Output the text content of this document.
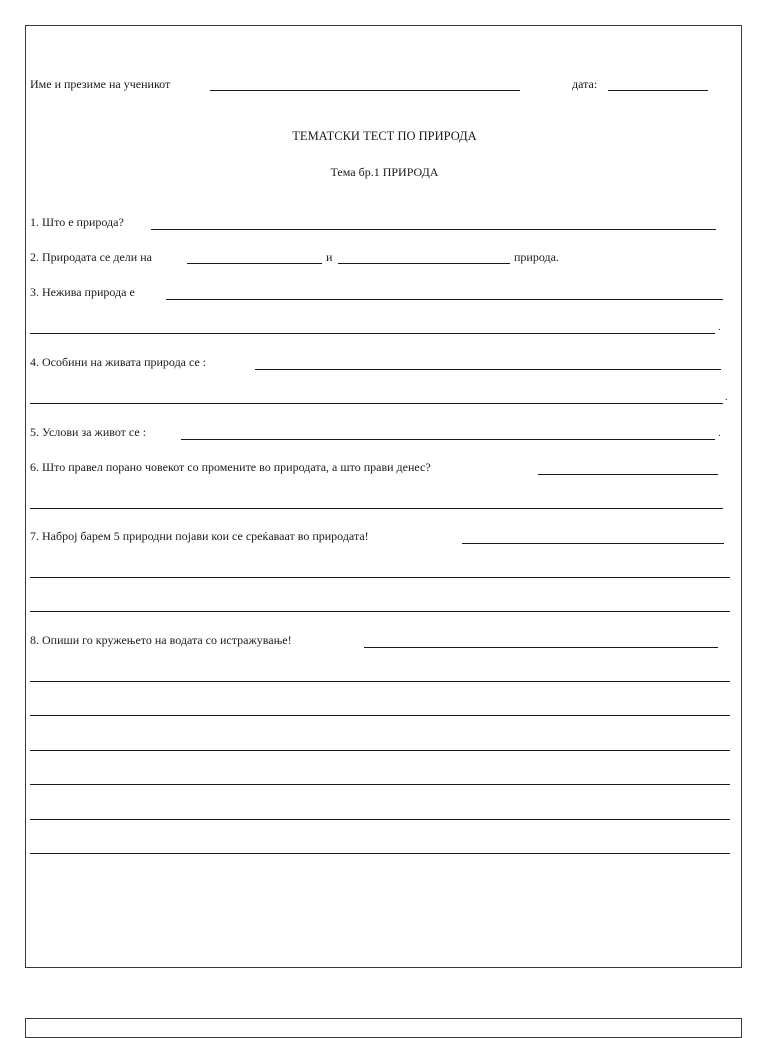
Име и презиме на ученикот	дата:
ТЕМАТСКИ ТЕСТ ПО ПРИРОДА
Тема бр.1 ПРИРОДА
1. Што е природа?
2. Природата се дели на	и	природа.
3. Нежива природа е
.
4. Особини на живата природа се :
.
5. Услови за живот се :	.
6. Што правел порано човекот со промените во природата, а што прави денес?
7. Наброј барем 5 природни појави кои се среќаваат во природата!
8. Опиши го кружењето на водата со истражување!
